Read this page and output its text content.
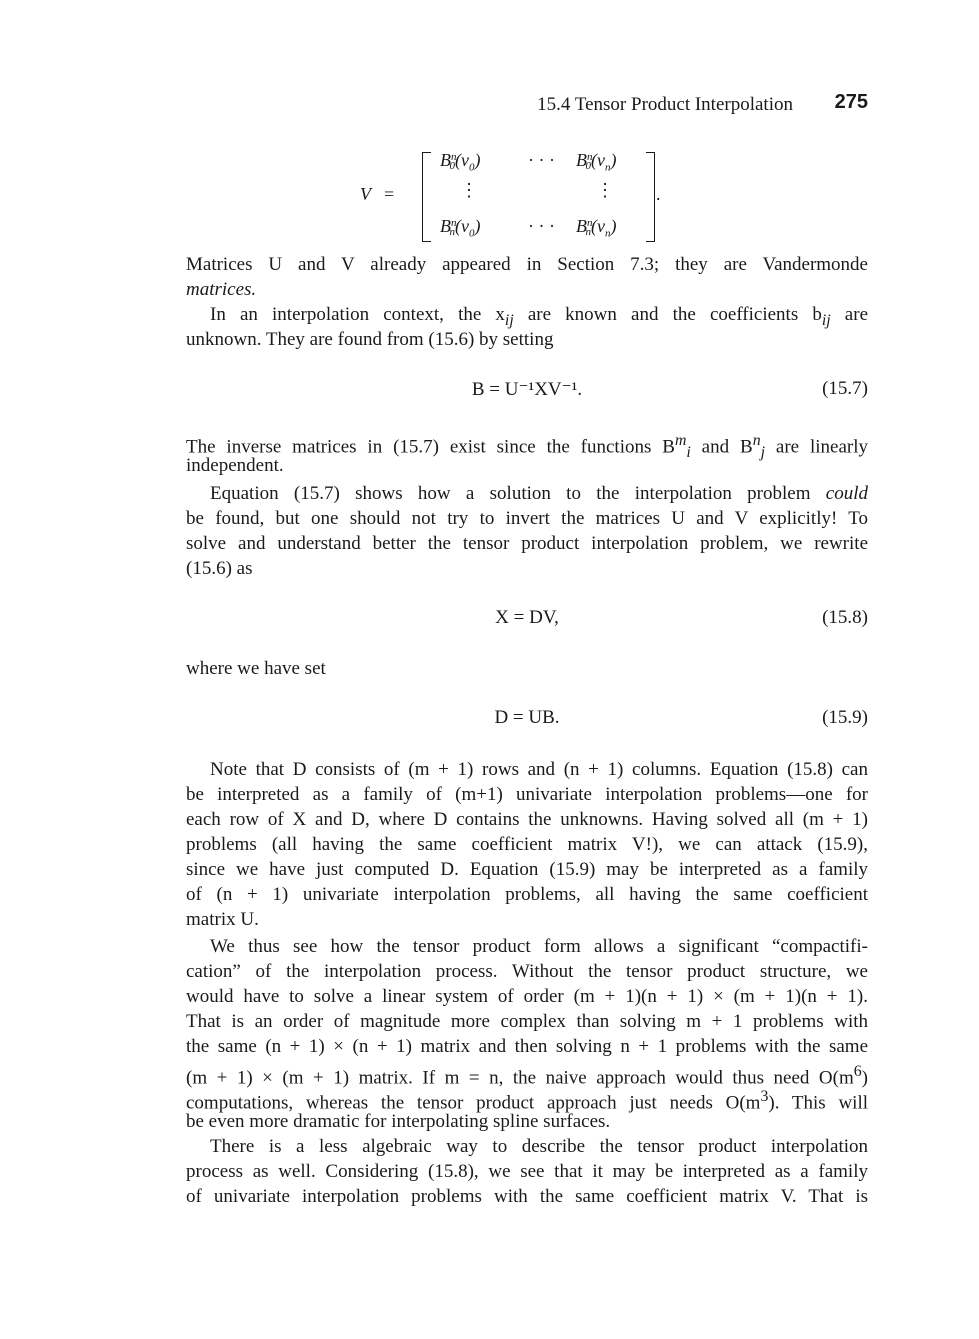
15.4 Tensor Product Interpolation 275
V =
$B^n_0(v_0)$	· · · $B^n_0(v_n)$
⋮	⋮
$B^n_n(v_0)$	· · · $B^n_n(v_n)$
.
Matrices U and V already appeared in Section 7.3; they are Vandermonde
matrices.
In an interpolation context, the $x_{ij}$ are known and the coefficients $b_{ij}$ are
unknown. They are found from (15.6) by setting
B = U⁻¹XV⁻¹.	(15.7)
The inverse matrices in (15.7) exist since the functions $B^m_i$ and $B^n_j$ are linearly
independent.
Equation (15.7) shows how a solution to the interpolation problem could
be found, but one should not try to invert the matrices U and V explicitly! To
solve and understand better the tensor product interpolation problem, we rewrite
(15.6) as
X = DV,	(15.8)
where we have set
D = UB.	(15.9)
Note that D consists of (m + 1) rows and (n + 1) columns. Equation (15.8) can
be interpreted as a family of (m+1) univariate interpolation problems—one for
each row of X and D, where D contains the unknowns. Having solved all (m + 1)
problems (all having the same coefficient matrix V!), we can attack (15.9),
since we have just computed D. Equation (15.9) may be interpreted as a family
of (n + 1) univariate interpolation problems, all having the same coefficient
matrix U.
We thus see how the tensor product form allows a significant “compactifi-
cation” of the interpolation process. Without the tensor product structure, we
would have to solve a linear system of order (m + 1)(n + 1) × (m + 1)(n + 1).
That is an order of magnitude more complex than solving m + 1 problems with
the same (n + 1) × (n + 1) matrix and then solving n + 1 problems with the same
(m + 1) × (m + 1) matrix. If m = n, the naive approach would thus need $O(m^6)$
computations, whereas the tensor product approach just needs $O(m^3)$. This will
be even more dramatic for interpolating spline surfaces.
There is a less algebraic way to describe the tensor product interpolation
process as well. Considering (15.8), we see that it may be interpreted as a family
of univariate interpolation problems with the same coefficient matrix V. That is
